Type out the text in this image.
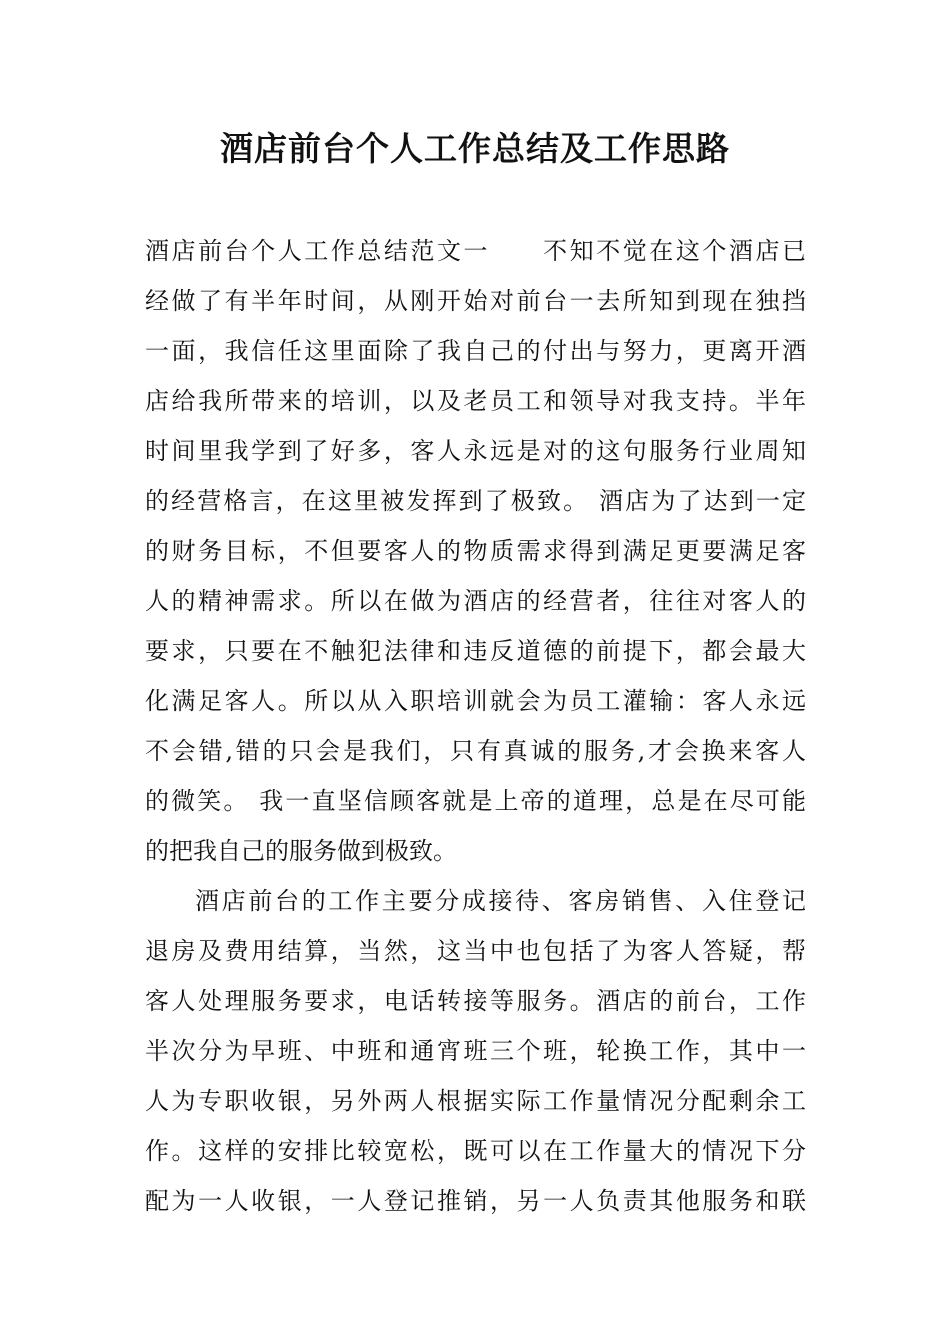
酒店前台个人工作总结及工作思路
酒店前台个人工作总结范文一　　不知不觉在这个酒店已
经做了有半年时间，从刚开始对前台一去所知到现在独挡
一面，我信任这里面除了我自己的付出与努力，更离开酒
店给我所带来的培训，以及老员工和领导对我支持。半年
时间里我学到了好多，客人永远是对的这句服务行业周知
的经营格言，在这里被发挥到了极致。 酒店为了达到一定
的财务目标，不但要客人的物质需求得到满足更要满足客
人的精神需求。所以在做为酒店的经营者，往往对客人的
要求，只要在不触犯法律和违反道德的前提下，都会最大
化满足客人。所以从入职培训就会为员工灌输：客人永远
不会错,错的只会是我们，只有真诚的服务,才会换来客人
的微笑。 我一直坚信顾客就是上帝的道理，总是在尽可能
的把我自己的服务做到极致。
酒店前台的工作主要分成接待、客房销售、入住登记
退房及费用结算，当然，这当中也包括了为客人答疑，帮
客人处理服务要求，电话转接等服务。酒店的前台，工作
半次分为早班、中班和通宵班三个班，轮换工作，其中一
人为专职收银，另外两人根据实际工作量情况分配剩余工
作。这样的安排比较宽松，既可以在工作量大的情况下分
配为一人收银，一人登记推销，另一人负责其他服务和联
